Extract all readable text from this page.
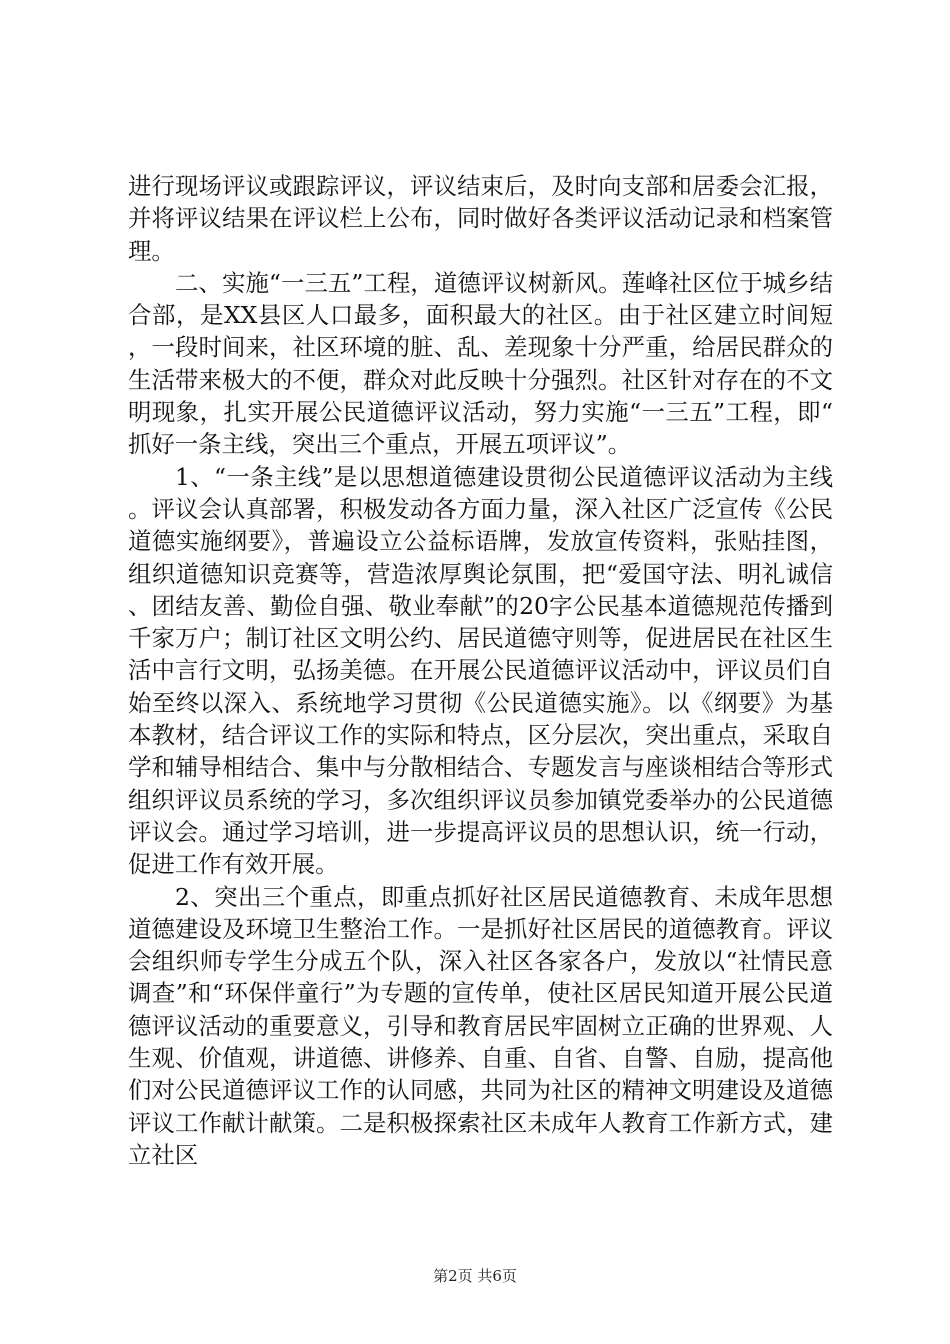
进行现场评议或跟踪评议，评议结束后，及时向支部和居委会汇报，并将评议结果在评议栏上公布，同时做好各类评议活动记录和档案管理。

二、实施“一三五”工程，道德评议树新风。莲峰社区位于城乡结合部，是XX县区人口最多，面积最大的社区。由于社区建立时间短，一段时间来，社区环境的脏、乱、差现象十分严重，给居民群众的生活带来极大的不便，群众对此反映十分强烈。社区针对存在的不文明现象，扎实开展公民道德评议活动，努力实施“一三五”工程，即“抓好一条主线，突出三个重点，开展五项评议”。

1、“一条主线”是以思想道德建设贯彻公民道德评议活动为主线。评议会认真部署，积极发动各方面力量，深入社区广泛宣传《公民道德实施纲要》，普遍设立公益标语牌，发放宣传资料，张贴挂图，组织道德知识竞赛等，营造浓厚舆论氛围，把“爱国守法、明礼诚信、团结友善、勤俭自强、敬业奉献”的20字公民基本道德规范传播到千家万户；制订社区文明公约、居民道德守则等，促进居民在社区生活中言行文明，弘扬美德。在开展公民道德评议活动中，评议员们自始至终以深入、系统地学习贯彻《公民道德实施》。以《纲要》为基本教材，结合评议工作的实际和特点，区分层次，突出重点，采取自学和辅导相结合、集中与分散相结合、专题发言与座谈相结合等形式组织评议员系统的学习，多次组织评议员参加镇党委举办的公民道德评议会。通过学习培训，进一步提高评议员的思想认识，统一行动，促进工作有效开展。

2、突出三个重点，即重点抓好社区居民道德教育、未成年思想道德建设及环境卫生整治工作。一是抓好社区居民的道德教育。评议会组织师专学生分成五个队，深入社区各家各户，发放以“社情民意调查”和“环保伴童行”为专题的宣传单，使社区居民知道开展公民道德评议活动的重要意义，引导和教育居民牢固树立正确的世界观、人生观、价值观，讲道德、讲修养、自重、自省、自警、自励，提高他们对公民道德评议工作的认同感，共同为社区的精神文明建设及道德评议工作献计献策。二是积极探索社区未成年人教育工作新方式，建立社区

第2页 共6页
